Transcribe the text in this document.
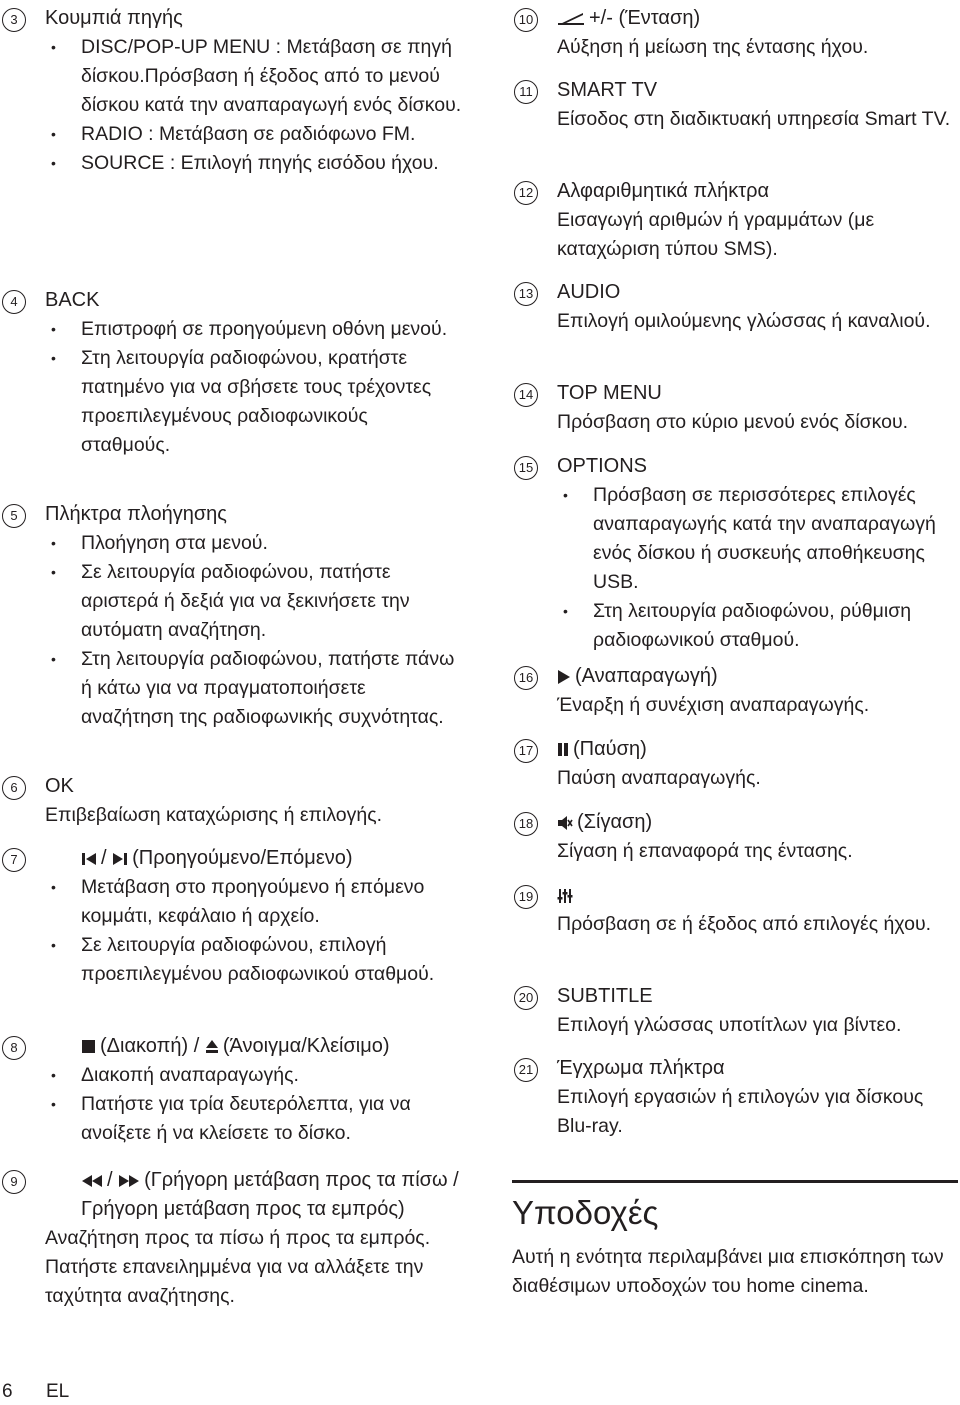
3	Κουμπιά πηγής
• DISC/POP-UP MENU : Μετάβαση σε πηγή δίσκου.Πρόσβαση ή έξοδος από το μενού δίσκου κατά την αναπαραγωγή ενός δίσκου.
• RADIO : Μετάβαση σε ραδιόφωνο FM.
• SOURCE : Επιλογή πηγής εισόδου ήχου.
4	BACK
• Επιστροφή σε προηγούμενη οθόνη μενού.
• Στη λειτουργία ραδιοφώνου, κρατήστε πατημένο για να σβήσετε τους τρέχοντες προεπιλεγμένους ραδιοφωνικούς σταθμούς.
5	Πλήκτρα πλοήγησης
• Πλοήγηση στα μενού.
• Σε λειτουργία ραδιοφώνου, πατήστε αριστερά ή δεξιά για να ξεκινήσετε την αυτόματη αναζήτηση.
• Στη λειτουργία ραδιοφώνου, πατήστε πάνω ή κάτω για να πραγματοποιήσετε αναζήτηση της ραδιοφωνικής συχνότητας.
6	OK
Επιβεβαίωση καταχώρισης ή επιλογής.
7	/ (Προηγούμενο/Επόμενο)
• Μετάβαση στο προηγούμενο ή επόμενο κομμάτι, κεφάλαιο ή αρχείο.
• Σε λειτουργία ραδιοφώνου, επιλογή προεπιλεγμένου ραδιοφωνικού σταθμού.
8	(Διακοπή) / (Άνοιγμα/Κλείσιμο)
• Διακοπή αναπαραγωγής.
• Πατήστε για τρία δευτερόλεπτα, για να ανοίξετε ή να κλείσετε το δίσκο.
9	/ (Γρήγορη μετάβαση προς τα πίσω / Γρήγορη μετάβαση προς τα εμπρός)
Αναζήτηση προς τα πίσω ή προς τα εμπρός. Πατήστε επανειλημμένα για να αλλάξετε την ταχύτητα αναζήτησης.
10	+/- (Ένταση)
Αύξηση ή μείωση της έντασης ήχου.
11 SMART TV
Είσοδος στη διαδικτυακή υπηρεσία Smart TV.
12 Αλφαριθμητικά πλήκτρα
Εισαγωγή αριθμών ή γραμμάτων (με καταχώριση τύπου SMS).
13 AUDIO
Επιλογή ομιλούμενης γλώσσας ή καναλιού.
14 TOP MENU
Πρόσβαση στο κύριο μενού ενός δίσκου.
15 OPTIONS
• Πρόσβαση σε περισσότερες επιλογές αναπαραγωγής κατά την αναπαραγωγή ενός δίσκου ή συσκευής αποθήκευσης USB.
• Στη λειτουργία ραδιοφώνου, ρύθμιση ραδιοφωνικού σταθμού.
16	(Αναπαραγωγή)
Έναρξη ή συνέχιση αναπαραγωγής.
17	(Παύση)
Παύση αναπαραγωγής.
18	(Σίγαση)
Σίγαση ή επαναφορά της έντασης.
19
Πρόσβαση σε ή έξοδος από επιλογές ήχου.
20 SUBTITLE
Επιλογή γλώσσας υποτίτλων για βίντεο.
21 Έγχρωμα πλήκτρα
Επιλογή εργασιών ή επιλογών για δίσκους Blu-ray.
Υποδοχές
Αυτή η ενότητα περιλαμβάνει μια επισκόπηση των διαθέσιμων υποδοχών του home cinema.
6 EL
